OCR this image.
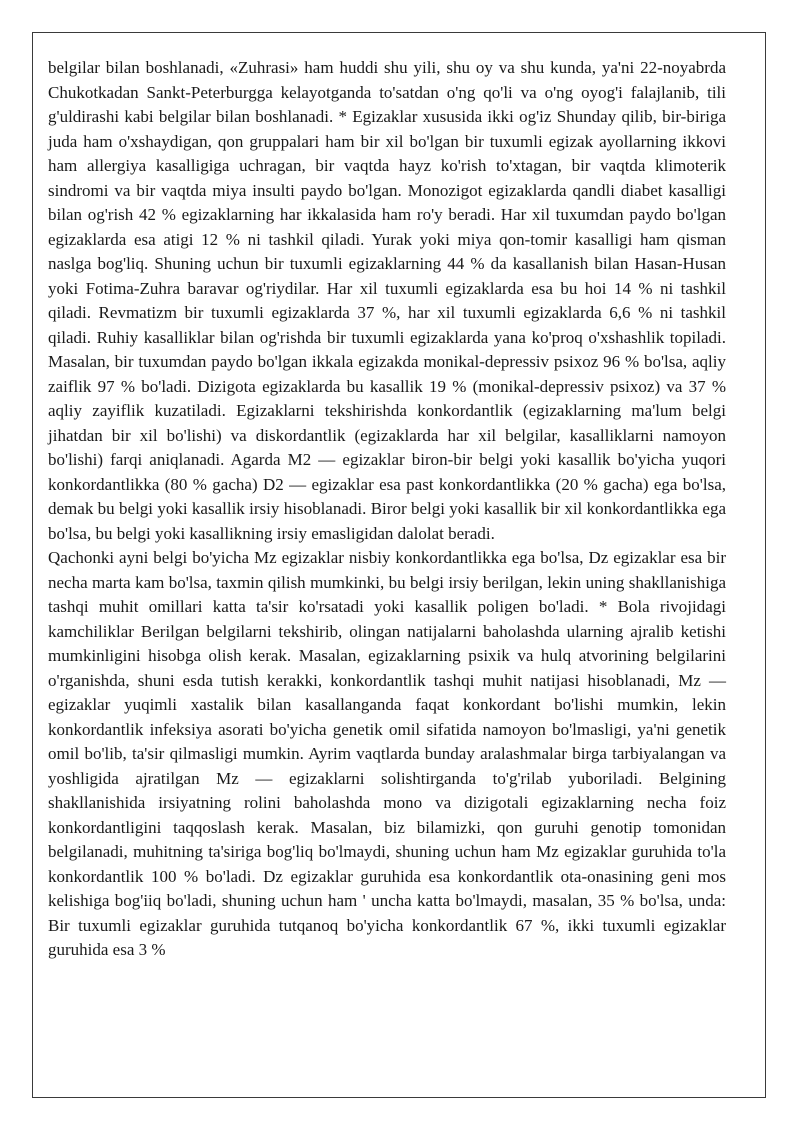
belgilar bilan boshlanadi, «Zuhrasi» ham huddi shu yili, shu oy va shu kunda, ya'ni 22-noyabrda Chukotkadan Sankt-Peterburgga kelayotganda to'satdan o'ng qo'li va o'ng oyog'i falajlanib, tili g'uldirashi kabi belgilar bilan boshlanadi. * Egizaklar xususida ikki og'iz Shunday qilib, bir-biriga juda ham o'xshaydigan, qon gruppalari ham bir xil bo'lgan bir tuxumli egizak ayollarning ikkovi ham allergiya kasalligiga uchragan, bir vaqtda hayz ko'rish to'xtagan, bir vaqtda klimoterik sindromi va bir vaqtda miya insulti paydo bo'lgan. Monozigot egizaklarda qandli diabet kasalligi bilan og'rish 42 % egizaklarning har ikkalasida ham ro'y beradi. Har xil tuxumdan paydo bo'lgan egizaklarda esa atigi 12 % ni tashkil qiladi. Yurak yoki miya qon-tomir kasalligi ham qisman naslga bog'liq. Shuning uchun bir tuxumli egizaklarning 44 % da kasallanish bilan Hasan-Husan yoki Fotima-Zuhra baravar og'riydilar. Har xil tuxumli egizaklarda esa bu hoi 14 % ni tashkil qiladi. Revmatizm bir tuxumli egizaklarda 37 %, har xil tuxumli egizaklarda 6,6 % ni tashkil qiladi. Ruhiy kasalliklar bilan og'rishda bir tuxumli egizaklarda yana ko'proq o'xshashlik topiladi. Masalan, bir tuxumdan paydo bo'lgan ikkala egizakda monikal-depressiv psixoz 96 % bo'lsa, aqliy zaiflik 97 % bo'ladi. Dizigota egizaklarda bu kasallik 19 % (monikal-depressiv psixoz) va 37 % aqliy zayiflik kuzatiladi. Egizaklarni tekshirishda konkordantlik (egizaklarning ma'lum belgi jihatdan bir xil bo'lishi) va diskordantlik (egizaklarda har xil belgilar, kasalliklarni namoyon bo'lishi) farqi aniqlanadi. Agarda M2 — egizaklar biron-bir belgi yoki kasallik bo'yicha yuqori konkordantlikka (80 % gacha) D2 — egizaklar esa past konkordantlikka (20 % gacha) ega bo'lsa, demak bu belgi yoki kasallik irsiy hisoblanadi. Biror belgi yoki kasallik bir xil konkordantlikka ega bo'lsa, bu belgi yoki kasallikning irsiy emasligidan dalolat beradi.

Qachonki ayni belgi bo'yicha Mz egizaklar nisbiy konkordantlikka ega bo'lsa, Dz egizaklar esa bir necha marta kam bo'lsa, taxmin qilish mumkinki, bu belgi irsiy berilgan, lekin uning shakllanishiga tashqi muhit omillari katta ta'sir ko'rsatadi yoki kasallik poligen bo'ladi. * Bola rivojidagi kamchiliklar Berilgan belgilarni tekshirib, olingan natijalarni baholashda ularning ajralib ketishi mumkinligini hisobga olish kerak. Masalan, egizaklarning psixik va hulq atvorining belgilarini o'rganishda, shuni esda tutish kerakki, konkordantlik tashqi muhit natijasi hisoblanadi, Mz — egizaklar yuqimli xastalik bilan kasallanganda faqat konkordant bo'lishi mumkin, lekin konkordantlik infeksiya asorati bo'yicha genetik omil sifatida namoyon bo'lmasligi, ya'ni genetik omil bo'lib, ta'sir qilmasligi mumkin. Ayrim vaqtlarda bunday aralashmalar birga tarbiyalangan va yoshligida ajratilgan Mz — egizaklarni solishtirganda to'g'rilab yuboriladi. Belgining shakllanishida irsiyatning rolini baholashda mono va dizigotali egizaklarning necha foiz konkordantligini taqqoslash kerak. Masalan, biz bilamizki, qon guruhi genotip tomonidan belgilanadi, muhitning ta'siriga bog'liq bo'lmaydi, shuning uchun ham Mz egizaklar guruhida to'la konkordantlik 100 % bo'ladi. Dz egizaklar guruhida esa konkordantlik ota-onasining geni mos kelishiga bog'iiq bo'ladi, shuning uchun ham ' uncha katta bo'lmaydi, masalan, 35 % bo'lsa, unda: Bir tuxumli egizaklar guruhida tutqanoq bo'yicha konkordantlik 67 %, ikki tuxumli egizaklar guruhida esa 3 %
